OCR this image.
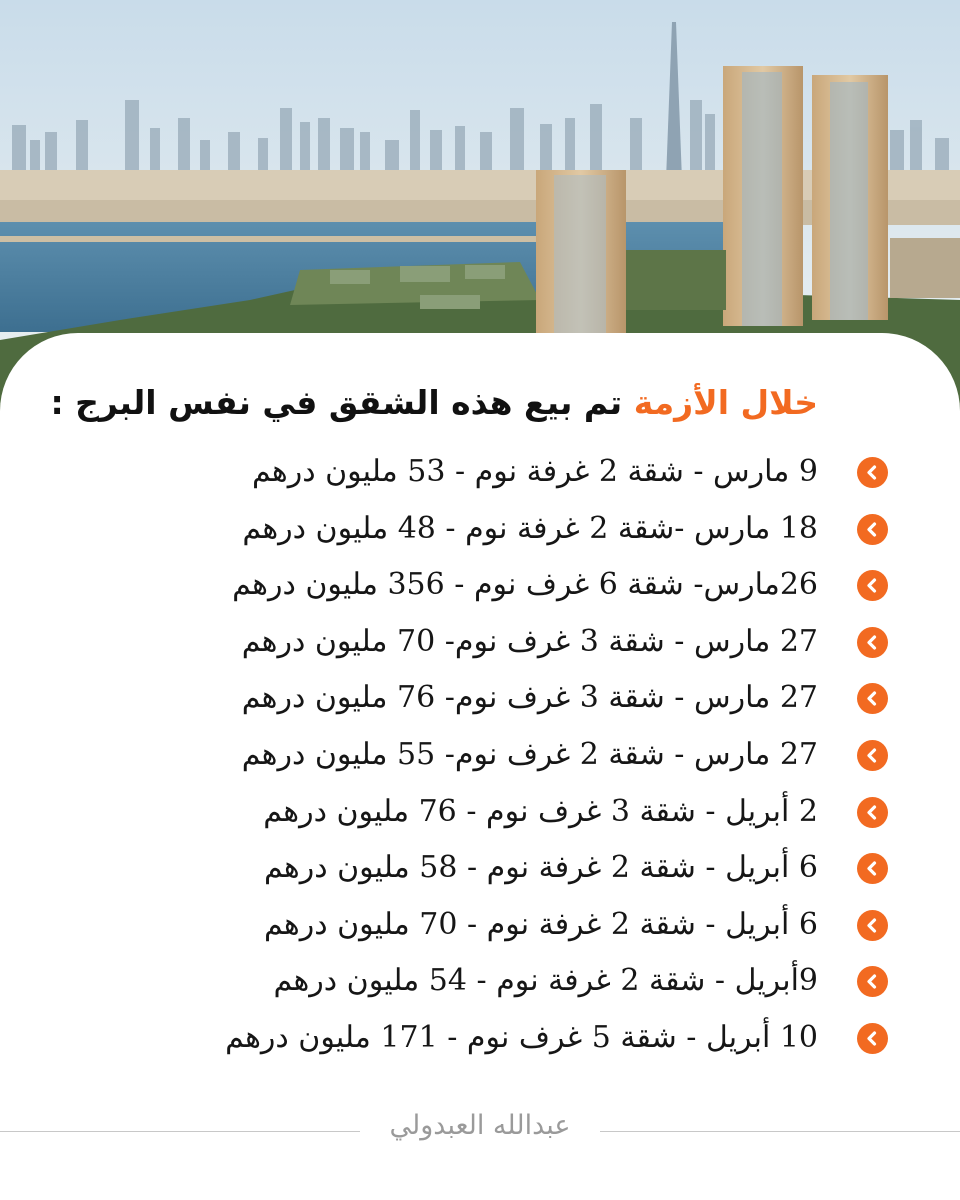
خلال الأزمة تم بيع هذه الشقق في نفس البرج :
9 مارس - شقة 2 غرفة نوم - 53 مليون درهم
18 مارس -شقة 2 غرفة نوم - 48 مليون درهم
26مارس- شقة 6 غرف نوم - 356 مليون درهم
27 مارس - شقة 3 غرف نوم- 70 مليون درهم
27 مارس - شقة 3 غرف نوم- 76 مليون درهم
27 مارس - شقة 2 غرف نوم- 55 مليون درهم
2 أبريل - شقة 3 غرف نوم - 76 مليون درهم
6 أبريل - شقة 2 غرفة نوم - 58 مليون درهم
6 أبريل - شقة 2 غرفة نوم - 70 مليون درهم
9أبريل - شقة 2 غرفة نوم - 54 مليون درهم
10 أبريل - شقة 5 غرف نوم - 171 مليون درهم
عبدالله العبدولي
